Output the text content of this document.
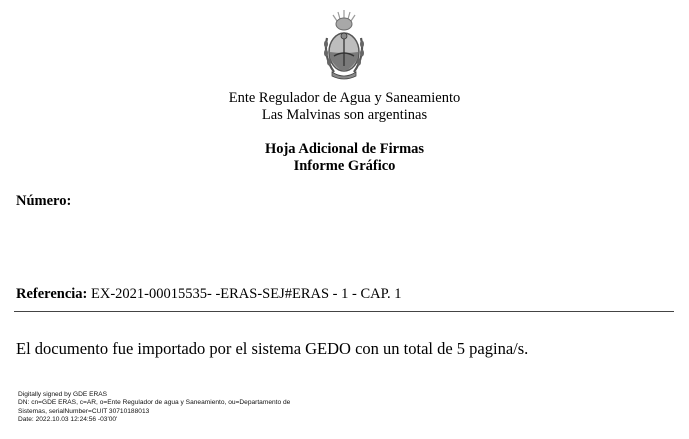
Ente Regulador de Agua y Saneamiento
Las Malvinas son argentinas
Hoja Adicional de Firmas
Informe Gráfico
Número:
Referencia: EX-2021-00015535- -ERAS-SEJ#ERAS - 1 - CAP. 1
El documento fue importado por el sistema GEDO con un total de 5 pagina/s.
Digitally signed by GDE ERAS
DN: cn=GDE ERAS, c=AR, o=Ente Regulador de agua y Saneamiento, ou=Departamento de
Sistemas, serialNumber=CUIT 30710188013
Date: 2022.10.03 12:24:56 -03'00'
